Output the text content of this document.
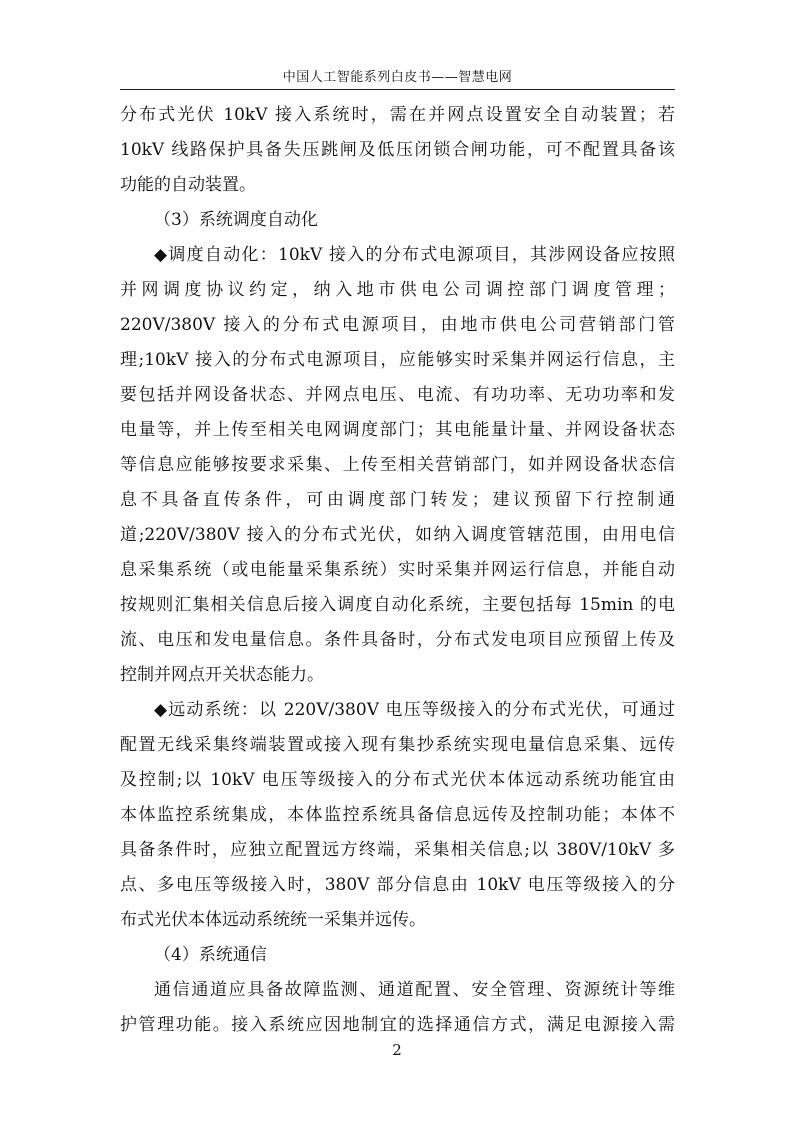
中国人工智能系列白皮书——智慧电网
分布式光伏 10kV 接入系统时，需在并网点设置安全自动装置；若
10kV 线路保护具备失压跳闸及低压闭锁合闸功能，可不配置具备该
功能的自动装置。
（3）系统调度自动化
◆调度自动化：10kV 接入的分布式电源项目，其涉网设备应按照
并网调度协议约定，纳入地市供电公司调控部门调度管理；
220V/380V 接入的分布式电源项目，由地市供电公司营销部门管
理;10kV 接入的分布式电源项目，应能够实时采集并网运行信息，主
要包括并网设备状态、并网点电压、电流、有功功率、无功功率和发
电量等，并上传至相关电网调度部门；其电能量计量、并网设备状态
等信息应能够按要求采集、上传至相关营销部门，如并网设备状态信
息不具备直传条件，可由调度部门转发；建议预留下行控制通
道;220V/380V 接入的分布式光伏，如纳入调度管辖范围，由用电信
息采集系统（或电能量采集系统）实时采集并网运行信息，并能自动
按规则汇集相关信息后接入调度自动化系统，主要包括每 15min 的电
流、电压和发电量信息。条件具备时，分布式发电项目应预留上传及
控制并网点开关状态能力。
◆远动系统：以 220V/380V 电压等级接入的分布式光伏，可通过
配置无线采集终端装置或接入现有集抄系统实现电量信息采集、远传
及控制;以 10kV 电压等级接入的分布式光伏本体远动系统功能宜由
本体监控系统集成，本体监控系统具备信息远传及控制功能；本体不
具备条件时，应独立配置远方终端，采集相关信息;以 380V/10kV 多
点、多电压等级接入时，380V 部分信息由 10kV 电压等级接入的分
布式光伏本体远动系统统一采集并远传。
（4）系统通信
通信通道应具备故障监测、通道配置、安全管理、资源统计等维
护管理功能。接入系统应因地制宜的选择通信方式，满足电源接入需
2
